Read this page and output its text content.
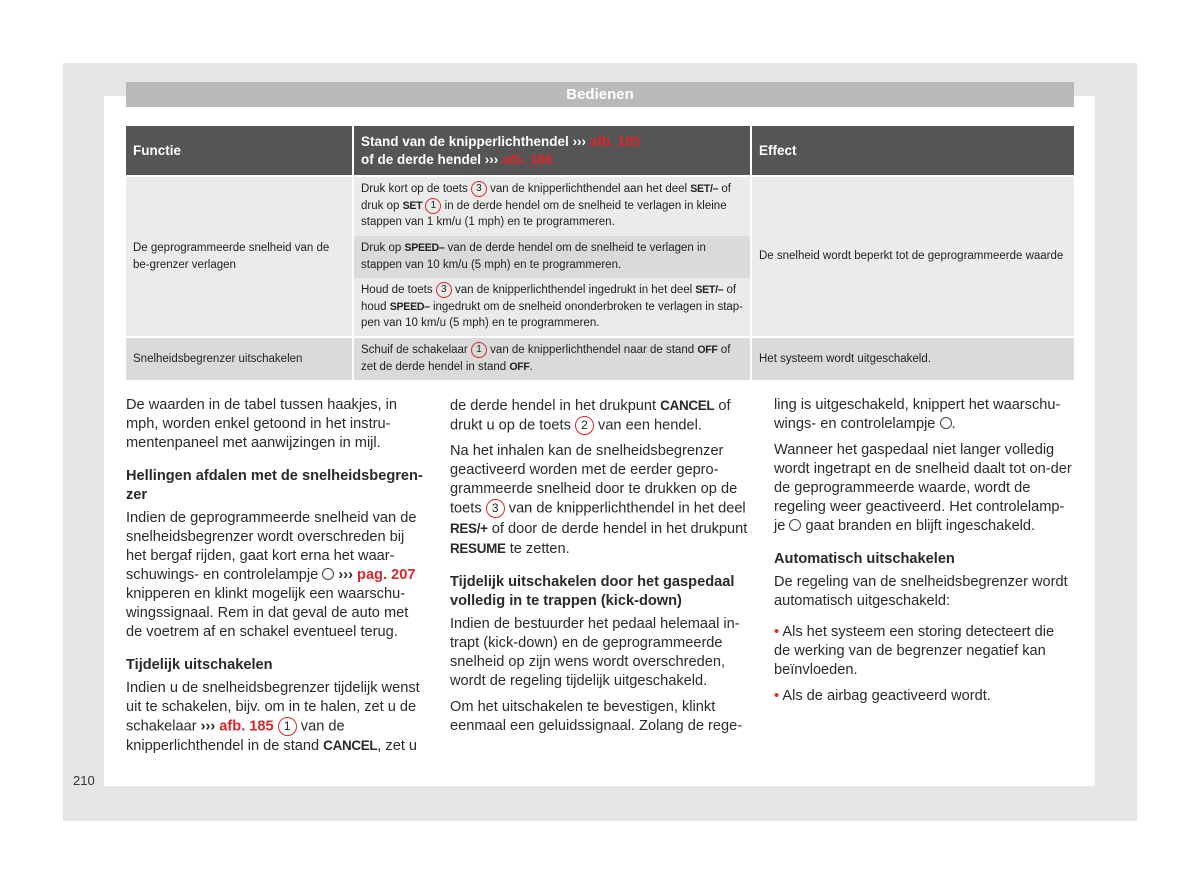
Bedienen
Functie
Stand van de knipperlichthendel ››› afb. 185
of de derde hendel ››› afb. 186
Effect
De geprogrammeerde snelheid van de be-grenzer verlagen
Druk kort op de toets 3 van de knipperlichthendel aan het deel SET/– of druk op SET 1 in de derde hendel om de snelheid te verlagen in kleine stappen van 1 km/u (1 mph) en te programmeren.
Druk op SPEED– van de derde hendel om de snelheid te verlagen in stappen van 10 km/u (5 mph) en te programmeren.
Houd de toets 3 van de knipperlichthendel ingedrukt in het deel SET/– of houd SPEED– ingedrukt om de snelheid ononderbroken te verlagen in stap-pen van 10 km/u (5 mph) en te programmeren.
De snelheid wordt beperkt tot de geprogrammeerde waarde
Snelheidsbegrenzer uitschakelen
Schuif de schakelaar 1 van de knipperlichthendel naar de stand OFF of zet de derde hendel in stand OFF.
Het systeem wordt uitgeschakeld.

De waarden in de tabel tussen haakjes, in mph, worden enkel getoond in het instru-mentenpaneel met aanwijzingen in mijl.

Hellingen afdalen met de snelheidsbegren-zer

Indien de geprogrammeerde snelheid van de snelheidsbegrenzer wordt overschreden bij het bergaf rijden, gaat kort erna het waar-schuwings- en controlelampje ››› pag. 207 knipperen en klinkt mogelijk een waarschu-wingssignaal. Rem in dat geval de auto met de voetrem af en schakel eventueel terug.

Tijdelijk uitschakelen

Indien u de snelheidsbegrenzer tijdelijk wenst uit te schakelen, bijv. om in te halen, zet u de schakelaar ››› afb. 185 1 van de knipperlichthendel in de stand CANCEL, zet u

de derde hendel in het drukpunt CANCEL of drukt u op de toets 2 van een hendel.

Na het inhalen kan de snelheidsbegrenzer geactiveerd worden met de eerder gepro-grammeerde snelheid door te drukken op de toets 3 van de knipperlichthendel in het deel RES/+ of door de derde hendel in het drukpunt RESUME te zetten.

Tijdelijk uitschakelen door het gaspedaal volledig in te trappen (kick-down)

Indien de bestuurder het pedaal helemaal in-trapt (kick-down) en de geprogrammeerde snelheid op zijn wens wordt overschreden, wordt de regeling tijdelijk uitgeschakeld.

Om het uitschakelen te bevestigen, klinkt eenmaal een geluidssignaal. Zolang de rege-

ling is uitgeschakeld, knippert het waarschu-wings- en controlelampje .

Wanneer het gaspedaal niet langer volledig wordt ingetrapt en de snelheid daalt tot on-der de geprogrammeerde waarde, wordt de regeling weer geactiveerd. Het controlelamp-je gaat branden en blijft ingeschakeld.

Automatisch uitschakelen

De regeling van de snelheidsbegrenzer wordt automatisch uitgeschakeld:

• Als het systeem een storing detecteert die de werking van de begrenzer negatief kan beïnvloeden.

• Als de airbag geactiveerd wordt.

210
